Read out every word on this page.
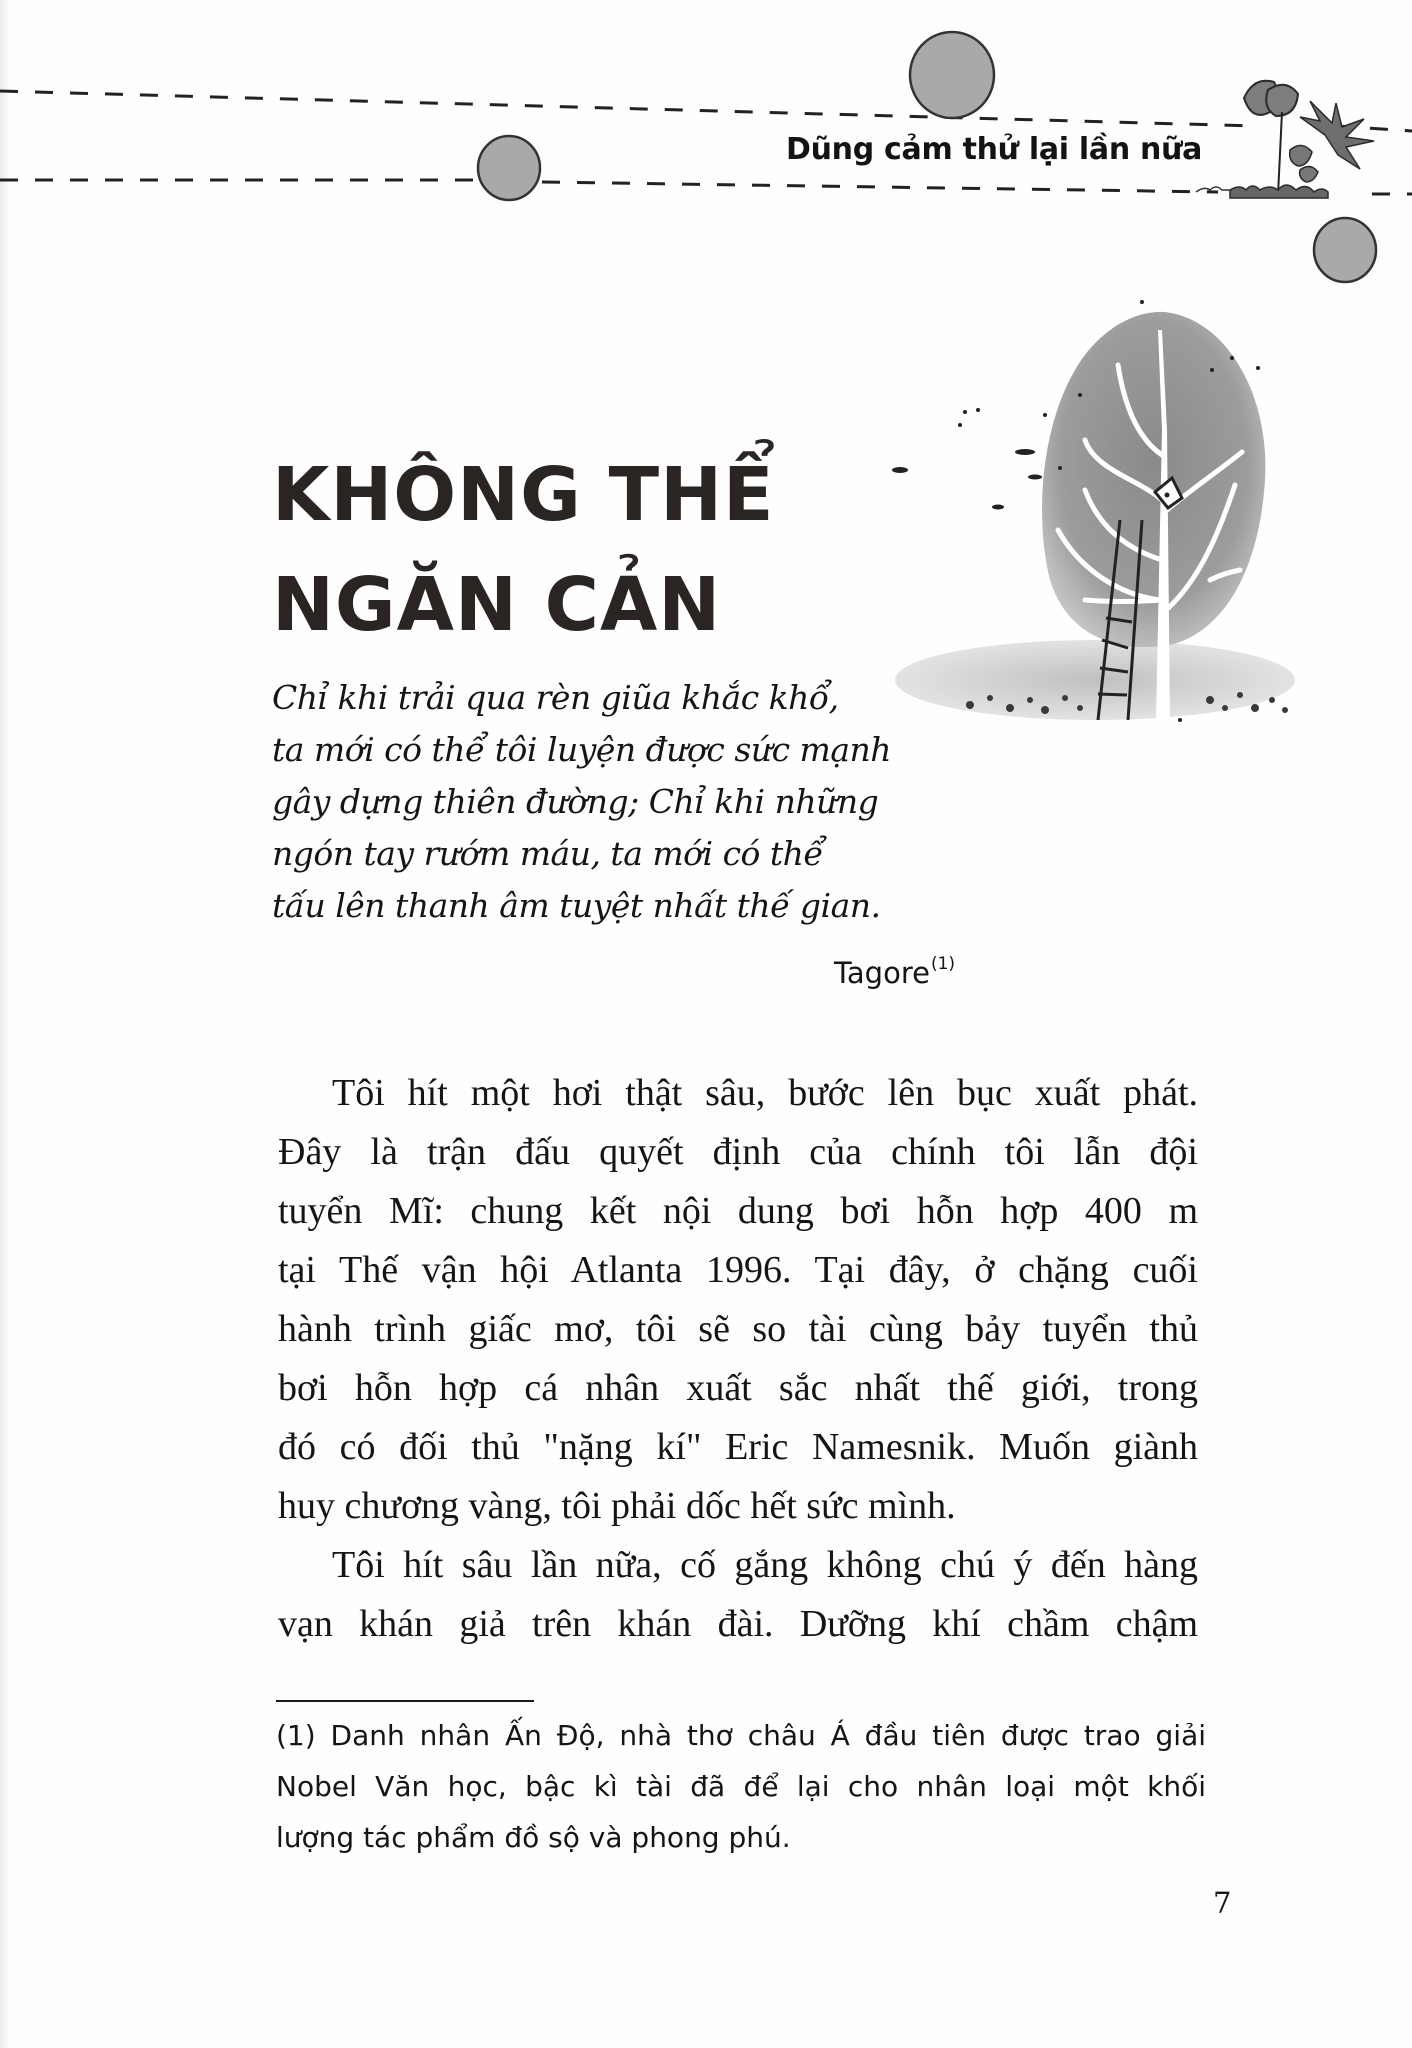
Dũng cảm thử lại lần nữa
KHÔNG THỂ
NGĂN CẢN
Chỉ khi trải qua rèn giũa khắc khổ,
ta mới có thể tôi luyện được sức mạnh
gây dựng thiên đường; Chỉ khi những
ngón tay rướm máu, ta mới có thể
tấu lên thanh âm tuyệt nhất thế gian.
Tagore$^{(1)}$

Tôi hít một hơi thật sâu, bước lên bục xuất phát.
Đây là trận đấu quyết định của chính tôi lẫn đội
tuyển Mĩ: chung kết nội dung bơi hỗn hợp 400 m
tại Thế vận hội Atlanta 1996. Tại đây, ở chặng cuối
hành trình giấc mơ, tôi sẽ so tài cùng bảy tuyển thủ
bơi hỗn hợp cá nhân xuất sắc nhất thế giới, trong
đó có đối thủ "nặng kí" Eric Namesnik. Muốn giành
huy chương vàng, tôi phải dốc hết sức mình.

Tôi hít sâu lần nữa, cố gắng không chú ý đến hàng
vạn khán giả trên khán đài. Dưỡng khí chầm chậm

(1) Danh nhân Ấn Độ, nhà thơ châu Á đầu tiên được trao giải
Nobel Văn học, bậc kì tài đã để lại cho nhân loại một khối
lượng tác phẩm đồ sộ và phong phú.
7
